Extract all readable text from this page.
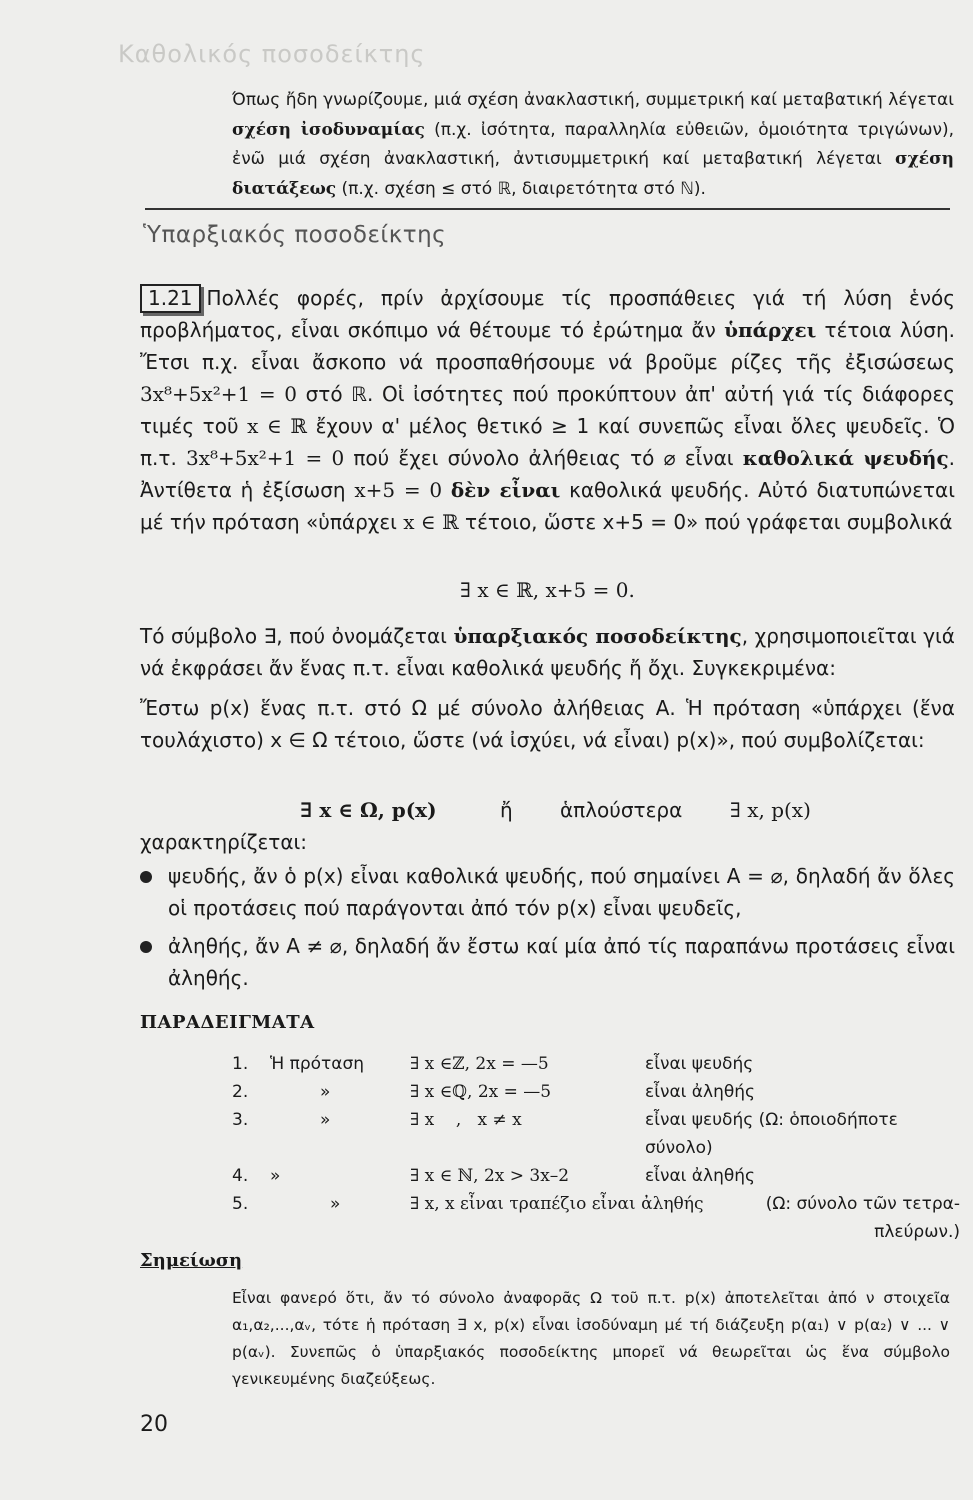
Καθολικός ποσοδείκτης
Όπως ἤδη γνωρίζουμε, μιά σχέση ἀνακλαστική, συμμετρική καί μεταβατική λέγεται σχέση ἰσοδυναμίας (π.χ. ἰσότητα, παραλληλία εὐθειῶν, ὁμοιότητα τριγώνων), ἐνῶ μιά σχέση ἀνακλαστική, ἀντισυμμετρική καί μεταβατική λέγεται σχέση διατάξεως (π.χ. σχέση ≤ στό ℝ, διαιρετότητα στό ℕ).
Ὑπαρξιακός ποσοδείκτης
1.21 Πολλές φορές, πρίν ἀρχίσουμε τίς προσπάθειες γιά τή λύση ἑνός προβλήματος, εἶναι σκόπιμο νά θέτουμε τό ἐρώτημα ἄν ὑπάρχει τέτοια λύση. Ἔτσι π.χ. εἶναι ἄσκοπο νά προσπαθήσουμε νά βροῦμε ρίζες τῆς ἐξισώσεως 3x⁸+5x²+1 = 0 στό ℝ. Οἱ ἰσότητες πού προκύπτουν ἀπ' αὐτή γιά τίς διάφορες τιμές τοῦ x ∈ ℝ ἔχουν α' μέλος θετικό ≥ 1 καί συνεπῶς εἶναι ὅλες ψευδεῖς. Ὁ π.τ. 3x⁸+5x²+1 = 0 πού ἔχει σύνολο ἀλήθειας τό ⌀ εἶναι καθολικά ψευδής. Ἀντίθετα ἡ ἐξίσωση x+5 = 0 δὲν εἶναι καθολικά ψευδής. Αὐτό διατυπώνεται μέ τήν πρόταση «ὑπάρχει x ∈ ℝ τέτοιο, ὥστε x+5 = 0» πού γράφεται συμβολικά
∃ x ∈ ℝ, x+5 = 0.
Τό σύμβολο ∃, πού ὀνομάζεται ὑπαρξιακός ποσοδείκτης, χρησιμοποιεῖται γιά νά ἐκφράσει ἄν ἕνας π.τ. εἶναι καθολικά ψευδής ἤ ὄχι. Συγκεκριμένα:
Ἔστω p(x) ἕνας π.τ. στό Ω μέ σύνολο ἀλήθειας Α. Ἡ πρόταση «ὑπάρχει (ἕνα τουλάχιστο) x ∈ Ω τέτοιο, ὥστε (νά ἰσχύει, νά εἶναι) p(x)», πού συμβολίζεται:
∃ x ∈ Ω, p(x)	ἤ ἁπλούστερα ∃ x, p(x)
χαρακτηρίζεται:
ψευδής, ἄν ὁ p(x) εἶναι καθολικά ψευδής, πού σημαίνει Α = ⌀, δηλαδή ἄν ὅλες οἱ προτάσεις πού παράγονται ἀπό τόν p(x) εἶναι ψευδεῖς,
ἀληθής, ἄν Α ≠ ⌀, δηλαδή ἄν ἔστω καί μία ἀπό τίς παραπάνω προτάσεις εἶναι ἀληθής.
ΠΑΡΑΔΕΙΓΜΑΤΑ
1. Ἡ πρόταση	∃ x ∈ℤ, 2x = —5	εἶναι ψευδής
2.	»	∃ x ∈ℚ, 2x = —5	εἶναι ἀληθής
3.	»	∃ x    ,   x ≠ x	εἶναι ψευδής (Ω: ὁποιοδήποτε
σύνολο)
4. »	∃ x ∈ ℕ, 2x > 3x–2	εἶναι ἀληθής
5.	»	∃ x, x εἶναι τραπέζιο εἶναι ἀληθής	(Ω: σύνολο τῶν τετρα-
πλεύρων.)
Σημείωση
Εἶναι φανερό ὅτι, ἄν τό σύνολο ἀναφορᾶς Ω τοῦ π.τ. p(x) ἀποτελεῖται ἀπό ν στοιχεῖα α₁,α₂,...,αᵥ, τότε ἡ πρόταση ∃ x, p(x) εἶναι ἰσοδύναμη μέ τή διάζευξη p(α₁) ∨ p(α₂) ∨ ... ∨ p(αᵥ). Συνεπῶς ὁ ὑπαρξιακός ποσοδείκτης μπορεῖ νά θεωρεῖται ὡς ἕνα σύμβολο γενικευμένης διαζεύξεως.
20
